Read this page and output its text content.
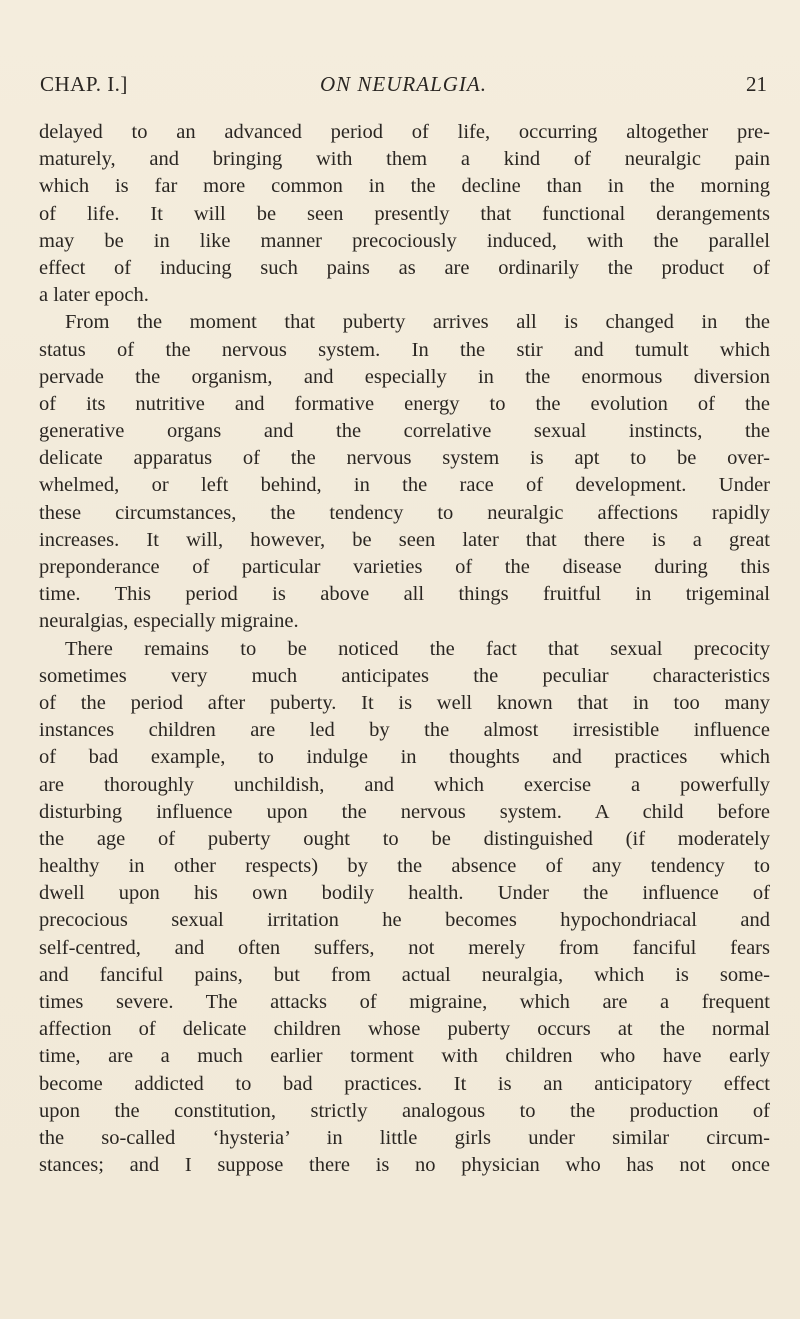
CHAP. I.]	ON NEURALGIA.	21
delayed to an advanced period of life, occurring altogether pre-
maturely, and bringing with them a kind of neuralgic pain
which is far more common in the decline than in the morning
of life. It will be seen presently that functional derangements
may be in like manner precociously induced, with the parallel
effect of inducing such pains as are ordinarily the product of
a later epoch.
From the moment that puberty arrives all is changed in the
status of the nervous system. In the stir and tumult which
pervade the organism, and especially in the enormous diversion
of its nutritive and formative energy to the evolution of the
generative organs and the correlative sexual instincts, the
delicate apparatus of the nervous system is apt to be over-
whelmed, or left behind, in the race of development. Under
these circumstances, the tendency to neuralgic affections rapidly
increases. It will, however, be seen later that there is a great
preponderance of particular varieties of the disease during this
time. This period is above all things fruitful in trigeminal
neuralgias, especially migraine.
There remains to be noticed the fact that sexual precocity
sometimes very much anticipates the peculiar characteristics
of the period after puberty. It is well known that in too many
instances children are led by the almost irresistible influence
of bad example, to indulge in thoughts and practices which
are thoroughly unchildish, and which exercise a powerfully
disturbing influence upon the nervous system. A child before
the age of puberty ought to be distinguished (if moderately
healthy in other respects) by the absence of any tendency to
dwell upon his own bodily health. Under the influence of
precocious sexual irritation he becomes hypochondriacal and
self-centred, and often suffers, not merely from fanciful fears
and fanciful pains, but from actual neuralgia, which is some-
times severe. The attacks of migraine, which are a frequent
affection of delicate children whose puberty occurs at the normal
time, are a much earlier torment with children who have early
become addicted to bad practices. It is an anticipatory effect
upon the constitution, strictly analogous to the production of
the so-called ‘hysteria’ in little girls under similar circum-
stances; and I suppose there is no physician who has not once
